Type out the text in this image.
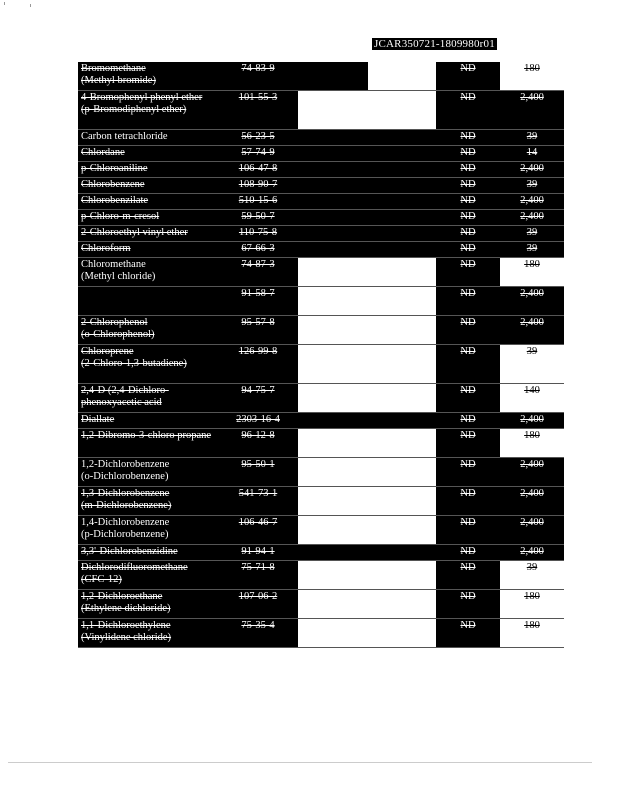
JCAR350721-1809980r01
Bromomethane
(Methyl bromide)	74-83-9			ND	180
4-Bromophenyl phenyl ether (p-Bromodiphenyl ether)	101-55-3			ND	2,400
Carbon tetrachloride	56-23-5			ND	39
Chlordane	57-74-9			ND	14
p-Chloroaniline	106-47-8			ND	2,400
Chlorobenzene	108-90-7			ND	39
Chlorobenzilate	510-15-6			ND	2,400
p-Chloro-m-cresol	59-50-7			ND	2,400
2-Chloroethyl vinyl ether	110-75-8			ND	39
Chloroform	67-66-3			ND	39
Chloromethane
(Methyl chloride)	74-87-3			ND	180
	91-58-7			ND	2,400
2-Chlorophenol
(o-Chlorophenol)	95-57-8			ND	2,400
Chloroprene
(2-Chloro-1,3-butadiene)	126-99-8			ND	39
2,4-D (2,4-Dichloro-phenoxyacetic acid	94-75-7			ND	140
Diallate	2303-16-4			ND	2,400
1,2-Dibromo-3-chloro propane	96-12-8			ND	180
1,2-Dichlorobenzene
(o-Dichlorobenzene)	95-50-1			ND	2,400
1,3-Dichlorobenzene
(m-Dichlorobenzene)	541-73-1			ND	2,400
1,4-Dichlorobenzene
(p-Dichlorobenzene)	106-46-7			ND	2,400
3,3'-Dichlorobenzidine	91-94-1			ND	2,400
Dichlorodifluoromethane
(CFC-12)	75-71-8			ND	39
1,2-Dichloroethane
(Ethylene dichloride)	107-06-2			ND	180
1,1-Dichloroethylene
(Vinylidene chloride)	75-35-4			ND	180
